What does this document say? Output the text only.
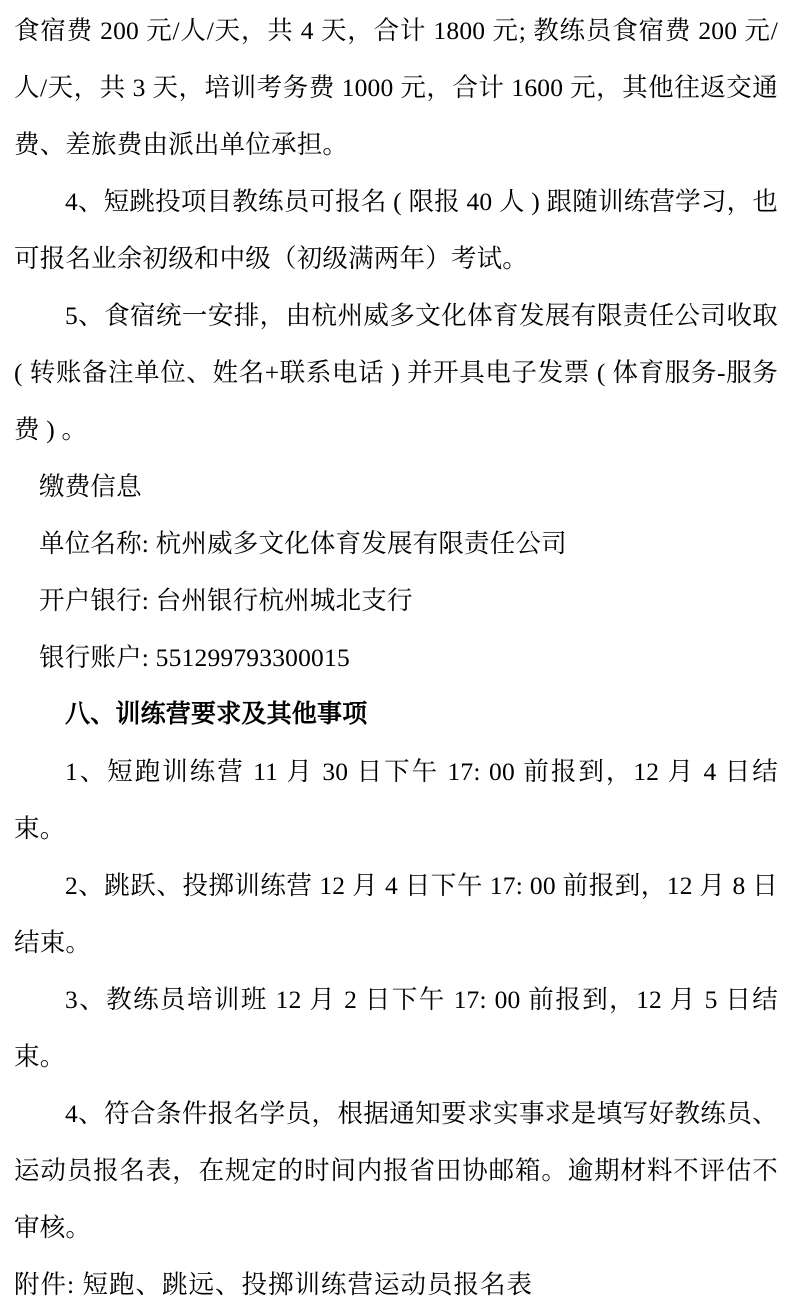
食宿费 200 元/人/天，共 4 天，合计 1800 元; 教练员食宿费 200 元/人/天，共 3 天，培训考务费 1000 元，合计 1600 元，其他往返交通费、差旅费由派出单位承担。

4、短跳投项目教练员可报名 ( 限报 40 人 ) 跟随训练营学习，也可报名业余初级和中级（初级满两年）考试。

5、食宿统一安排，由杭州威多文化体育发展有限责任公司收取 ( 转账备注单位、姓名+联系电话 ) 并开具电子发票 ( 体育服务-服务费 ) 。

缴费信息

单位名称: 杭州威多文化体育发展有限责任公司

开户银行: 台州银行杭州城北支行

银行账户: 551299793300015

八、训练营要求及其他事项

1、短跑训练营 11 月 30 日下午 17: 00 前报到，12 月 4 日结束。

2、跳跃、投掷训练营 12 月 4 日下午 17: 00 前报到，12 月 8 日结束。

3、教练员培训班 12 月 2 日下午 17: 00 前报到，12 月 5 日结束。

4、符合条件报名学员，根据通知要求实事求是填写好教练员、运动员报名表，在规定的时间内报省田协邮箱。逾期材料不评估不审核。

附件: 短跑、跳远、投掷训练营运动员报名表
